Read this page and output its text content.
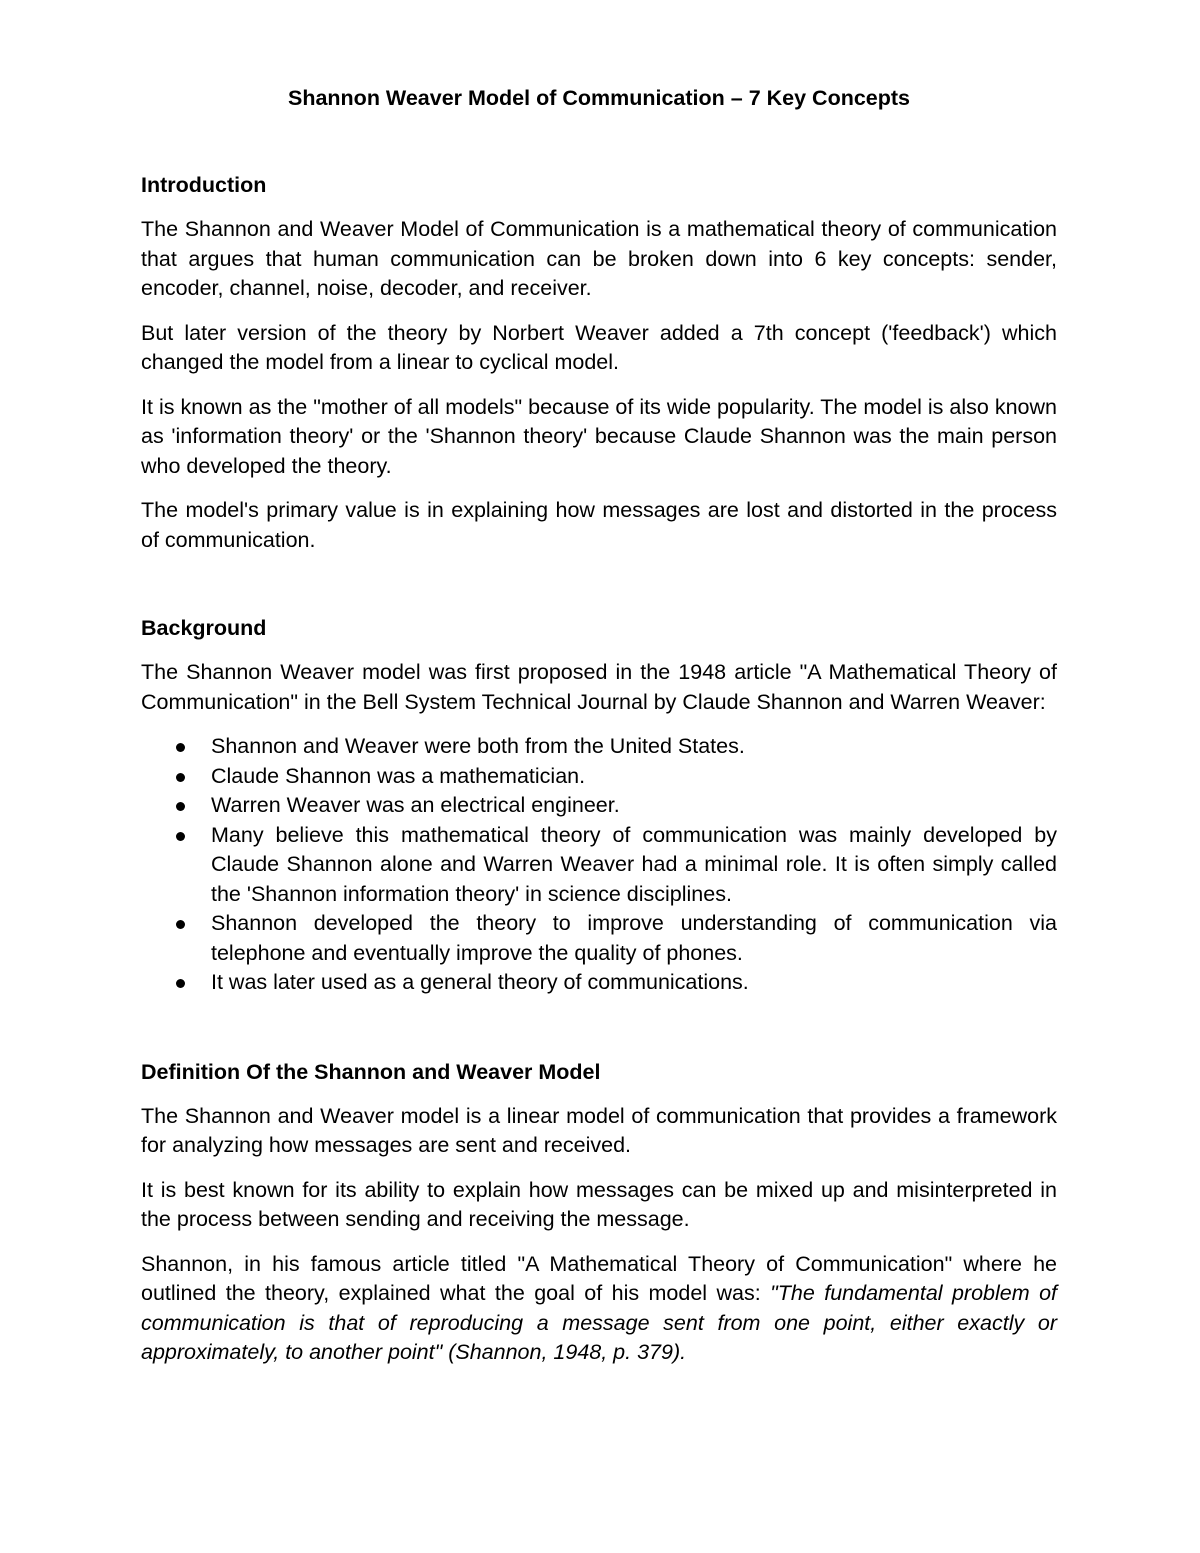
Shannon Weaver Model of Communication – 7 Key Concepts
Introduction

The Shannon and Weaver Model of Communication is a mathematical theory of communication that argues that human communication can be broken down into 6 key concepts: sender, encoder, channel, noise, decoder, and receiver.

But later version of the theory by Norbert Weaver added a 7th concept ('feedback') which changed the model from a linear to cyclical model.

It is known as the "mother of all models" because of its wide popularity. The model is also known as 'information theory' or the 'Shannon theory' because Claude Shannon was the main person who developed the theory.

The model's primary value is in explaining how messages are lost and distorted in the process of communication.

Background

The Shannon Weaver model was first proposed in the 1948 article "A Mathematical Theory of Communication" in the Bell System Technical Journal by Claude Shannon and Warren Weaver:

Shannon and Weaver were both from the United States.
Claude Shannon was a mathematician.
Warren Weaver was an electrical engineer.
Many believe this mathematical theory of communication was mainly developed by Claude Shannon alone and Warren Weaver had a minimal role. It is often simply called the 'Shannon information theory' in science disciplines.
Shannon developed the theory to improve understanding of communication via telephone and eventually improve the quality of phones.
It was later used as a general theory of communications.
Definition Of the Shannon and Weaver Model

The Shannon and Weaver model is a linear model of communication that provides a framework for analyzing how messages are sent and received.

It is best known for its ability to explain how messages can be mixed up and misinterpreted in the process between sending and receiving the message.

Shannon, in his famous article titled "A Mathematical Theory of Communication" where he outlined the theory, explained what the goal of his model was: "The fundamental problem of communication is that of reproducing a message sent from one point, either exactly or approximately, to another point" (Shannon, 1948, p. 379).
